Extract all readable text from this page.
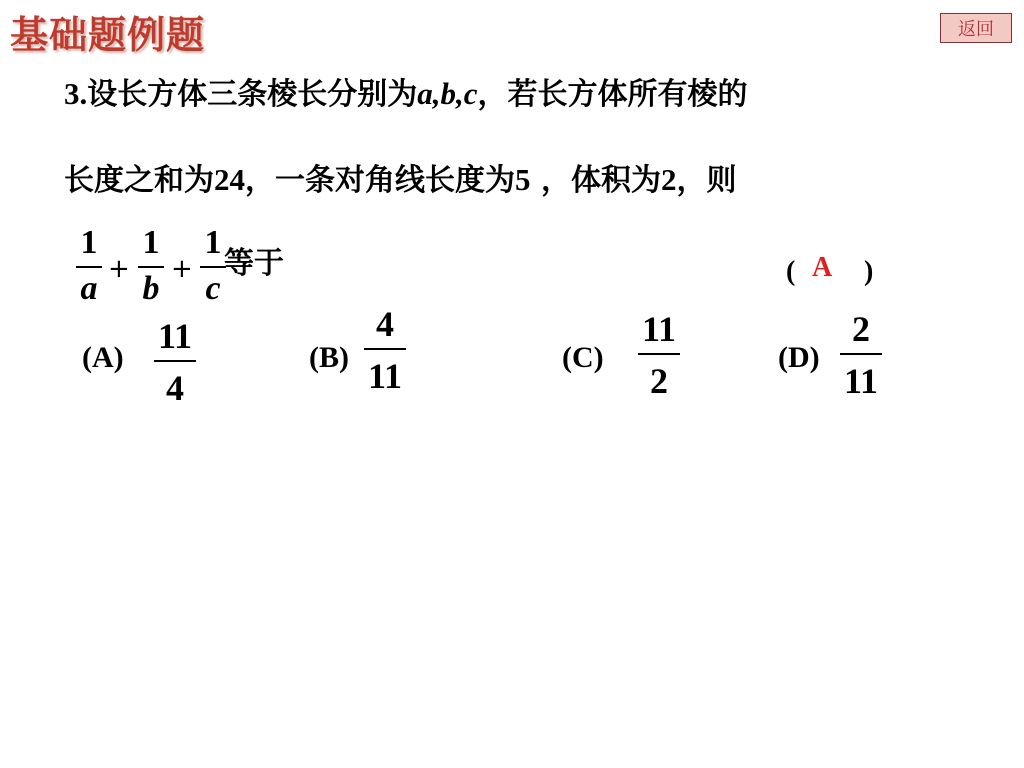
基础题例题	返回
3.设长方体三条棱长分别为a,b,c，若长方体所有棱的
长度之和为24，一条对角线长度为5 ，体积为2，则
1
a
+
1
b
+
1
c
等于	( A )
(A)
11
4
(B)
4
11	(C)
11
2
(D)
2
11
